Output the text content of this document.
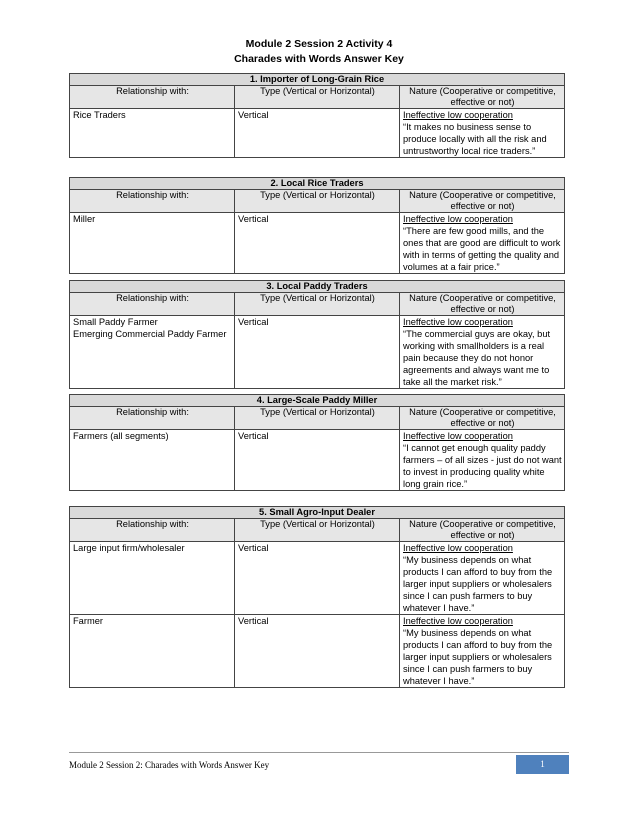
Module 2 Session 2 Activity 4
Charades with Words Answer Key
1. Importer of Long-Grain Rice		
Relationship with:	Type (Vertical or Horizontal)	Nature (Cooperative or competitive, effective or not)
Rice Traders	Vertical	Ineffective low cooperation
“It makes no business sense to produce locally with all the risk and untrustworthy local rice traders.”
2. Local Rice Traders		
Relationship with:	Type (Vertical or Horizontal)	Nature (Cooperative or competitive, effective or not)
Miller	Vertical	Ineffective low cooperation
“There are few good mills, and the ones that are good are difficult to work with in terms of getting the quality and volumes at a fair price.”
3. Local Paddy Traders		
Relationship with:	Type (Vertical or Horizontal)	Nature (Cooperative or competitive, effective or not)

Small Paddy Farmer
Emerging Commercial Paddy Farmer	Vertical	Ineffective low cooperation
“The commercial guys are okay, but working with smallholders is a real pain because they do not honor agreements and always want me to take all the market risk.”
4. Large-Scale Paddy Miller		
Relationship with:	Type (Vertical or Horizontal)	Nature (Cooperative or competitive, effective or not)
Farmers (all segments)	Vertical	Ineffective low cooperation
“I cannot get enough quality paddy farmers – of all sizes - just do not want to invest in producing quality white long grain rice.”
5. Small Agro-Input Dealer		
Relationship with:	Type (Vertical or Horizontal)	Nature (Cooperative or competitive, effective or not)
Large input firm/wholesaler	Vertical	Ineffective low cooperation
“My business depends on what products I can afford to buy from the larger input suppliers or wholesalers since I can push farmers to buy whatever I have.”
Farmer	Vertical	Ineffective low cooperation
“My business depends on what products I can afford to buy from the larger input suppliers or wholesalers since I can push farmers to buy whatever I have.”
Module 2 Session 2: Charades with Words Answer Key	1
